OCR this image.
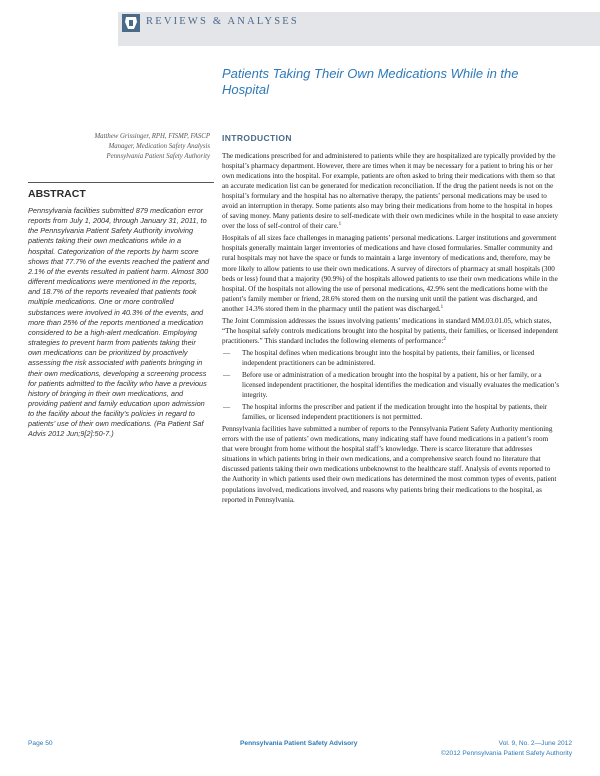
REVIEWS & ANALYSES
Patients Taking Their Own Medications While in the Hospital
Matthew Grissinger, RPH, FISMP, FASCP
Manager, Medication Safety Analysis
Pennsylvania Patient Safety Authority
ABSTRACT
Pennsylvania facilities submitted 879 medication error reports from July 1, 2004, through January 31, 2011, to the Pennsylvania Patient Safety Authority involving patients taking their own medications while in a hospital. Categorization of the reports by harm score shows that 77.7% of the events reached the patient and 2.1% of the events resulted in patient harm. Almost 300 different medications were mentioned in the reports, and 18.7% of the reports revealed that patients took multiple medications. One or more controlled substances were involved in 40.3% of the events, and more than 25% of the reports mentioned a medication considered to be a high-alert medication. Employing strategies to prevent harm from patients taking their own medications can be prioritized by proactively assessing the risk associated with patients bringing in their own medications, developing a screening process for patients admitted to the facility who have a previous history of bringing in their own medications, and providing patient and family education upon admission to the facility about the facility’s policies in regard to patients’ use of their own medications. (Pa Patient Saf Advis 2012 Jun;9[2]:50-7.)
INTRODUCTION

The medications prescribed for and administered to patients while they are hospitalized are typically provided by the hospital’s pharmacy department. However, there are times when it may be necessary for a patient to bring his or her own medications into the hospital. For example, patients are often asked to bring their medications with them so that an accurate medication list can be generated for medication reconciliation. If the drug the patient needs is not on the hospital’s formulary and the hospital has no alternative therapy, the patients’ personal medications may be used to avoid an interruption in therapy. Some patients also may bring their medications from home to the hospital in hopes of saving money. Many patients desire to self-medicate with their own medicines while in the hospital to ease anxiety over the loss of self-control of their care.$^1$

Hospitals of all sizes face challenges in managing patients’ personal medications. Larger institutions and government hospitals generally maintain larger inventories of medications and have closed formularies. Smaller community and rural hospitals may not have the space or funds to maintain a large inventory of medications and, therefore, may be more likely to allow patients to use their own medications. A survey of directors of pharmacy at small hospitals (300 beds or less) found that a majority (90.9%) of the hospitals allowed patients to use their own medications while in the hospital. Of the hospitals not allowing the use of personal medications, 42.9% sent the medications home with the patient’s family member or friend, 28.6% stored them on the nursing unit until the patient was discharged, and another 14.3% stored them in the pharmacy until the patient was discharged.$^1$

The Joint Commission addresses the issues involving patients’ medications in standard MM.03.01.05, which states, “The hospital safely controls medications brought into the hospital by patients, their families, or licensed independent practitioners.” This standard includes the following elements of performance:$^2$

— The hospital defines when medications brought into the hospital by patients, their families, or licensed independent practitioners can be administered.
— Before use or administration of a medication brought into the hospital by a patient, his or her family, or a licensed independent practitioner, the hospital identifies the medication and visually evaluates the medication’s integrity.
— The hospital informs the prescriber and patient if the medication brought into the hospital by patients, their families, or licensed independent practitioners is not permitted.

Pennsylvania facilities have submitted a number of reports to the Pennsylvania Patient Safety Authority mentioning errors with the use of patients’ own medications, many indicating staff have found medications in a patient’s room that were brought from home without the hospital staff’s knowledge. There is scarce literature that addresses situations in which patients bring in their own medications, and a comprehensive search found no literature that discussed patients taking their own medications unbeknownst to the healthcare staff. Analysis of events reported to the Authority in which patients used their own medications has determined the most common types of events, patient populations involved, medications involved, and reasons why patients bring their medications to the hospital, as reported in Pennsylvania.

Page 50	Pennsylvania Patient Safety Advisory	Vol. 9, No. 2—June 2012
©2012 Pennsylvania Patient Safety Authority
